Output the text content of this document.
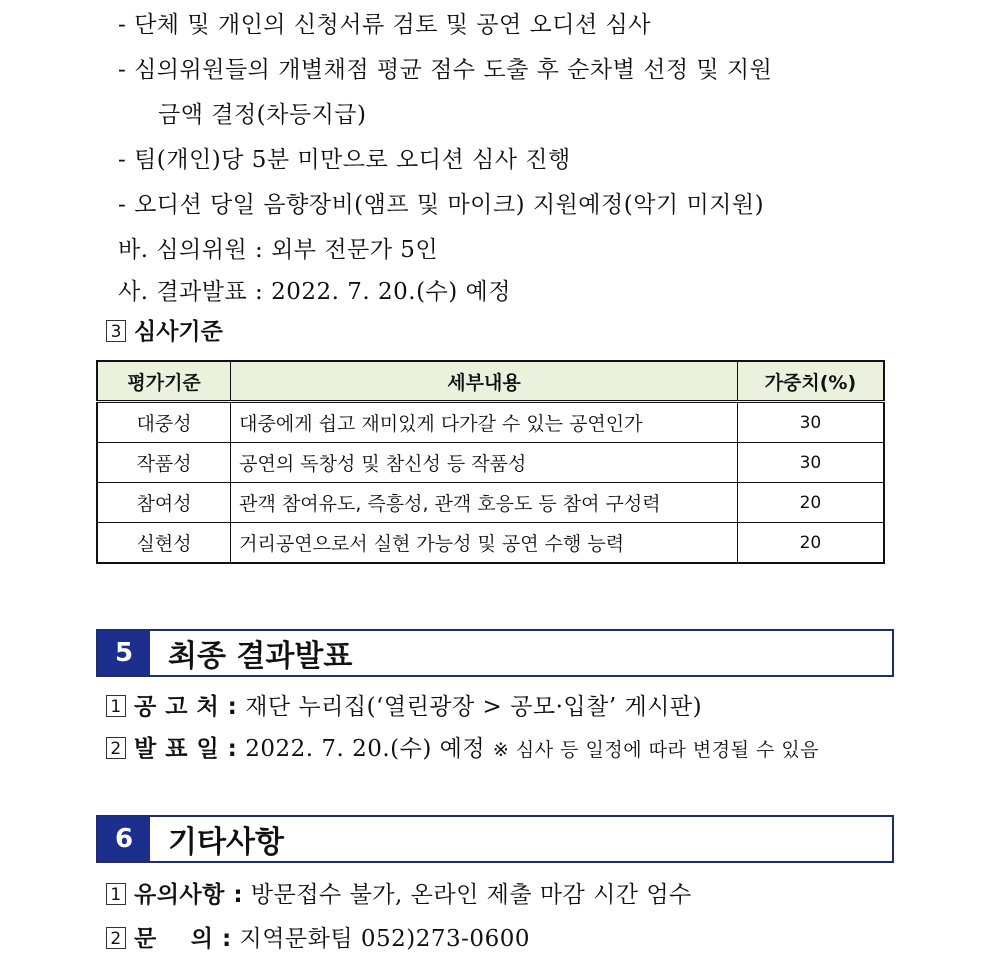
- 단체 및 개인의 신청서류 검토 및 공연 오디션 심사
- 심의위원들의 개별채점 평균 점수 도출 후 순차별 선정 및 지원
금액 결정(차등지급)
- 팀(개인)당 5분 미만으로 오디션 심사 진행
- 오디션 당일 음향장비(앰프 및 마이크) 지원예정(악기 미지원)
바. 심의위원 : 외부 전문가 5인
사. 결과발표 : 2022. 7. 20.(수) 예정
3 심사기준
평가기준	세부내용	가중치(%)
대중성	대중에게 쉽고 재미있게 다가갈 수 있는 공연인가	30
작품성	공연의 독창성 및 참신성 등 작품성	30
참여성	관객 참여유도, 즉흥성, 관객 호응도 등 참여 구성력	20
실현성	거리공연으로서 실현 가능성 및 공연 수행 능력	20
5	최종 결과발표
1 공 고 처 : 재단 누리집(‘열린광장 > 공모·입찰’ 게시판)
2 발 표 일 : 2022. 7. 20.(수) 예정 ※ 심사 등 일정에 따라 변경될 수 있음
6	기타사항
1 유의사항 : 방문접수 불가, 온라인 제출 마감 시간 엄수
2 문    의 : 지역문화팀 052)273-0600
